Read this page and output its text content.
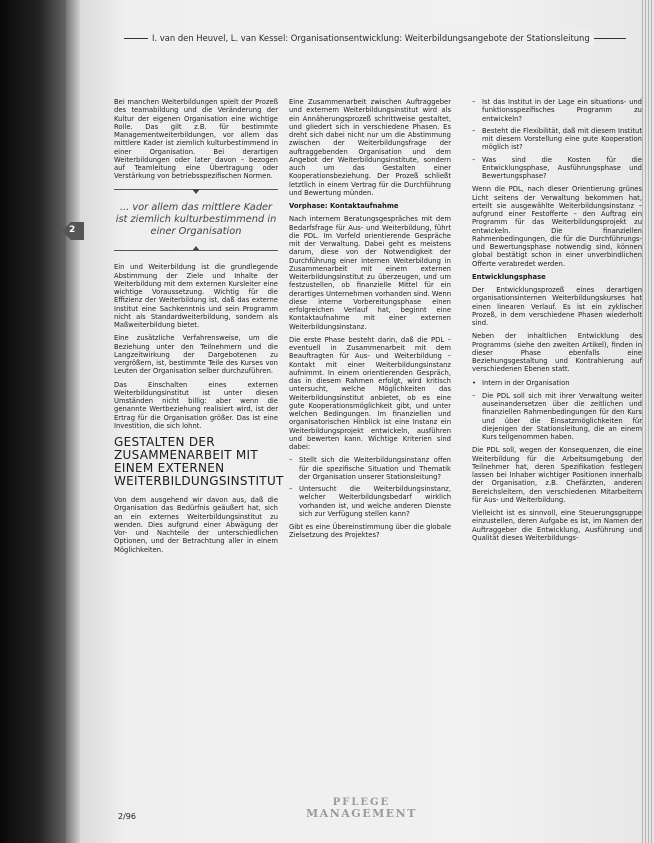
I. van den Heuvel, L. van Kessel: Organisationsentwicklung: Weiterbildungsangebote der Stationsleitung
2

Bei manchen Weiterbildungen spielt der Prozeß des teamabildung und die Veränderung der Kultur der eigenen Organisation eine wichtige Rolle. Das gilt z.B. für bestimmte Managementweiterbildungen, vor allem das mittlere Kader ist ziemlich kulturbestimmend in einer Organisation. Bei derartigen Weiterbildungen oder later davon – bezogen auf Teamleitung eine Übertragung oder Verstärkung von betriebsspezifischen Normen.

... vor allem das mittlere Kader ist ziemlich kulturbestimmend in einer Organisation

Ein und Weiterbildung ist die grundlegende Abstimmung der Ziele und Inhalte der Weiterbildung mit dem externen Kursleiter eine wichtige Voraussetzung. Wichtig für die Effizienz der Weiterbildung ist, daß das externe Institut eine Sachkenntnis und sein Programm nicht als Standardweiterbildung, sondern als Maßweiterbildung bietet.

Eine zusätzliche Verfahrensweise, um die Beziehung unter den Teilnehmern und die Langzeitwirkung der Dargebotenen zu vergrößern, ist, bestimmte Teile des Kurses von Leuten der Organisation selber durchzuführen.

Das Einschalten eines externen Weiterbildungsinstitut ist unter diesen Umständen nicht billig: aber wenn die genannte Wertbeziehung realisiert wird, ist der Ertrag für die Organisation größer. Das ist eine Investition, die sich lohnt.

GESTALTEN DER ZUSAMMENARBEIT MIT EINEM EXTERNEN WEITERBILDUNGSINSTITUT

Von dem ausgehend wir davon aus, daß die Organisation das Bedürfnis geäußert hat, sich an ein externes Weiterbildungsinstitut zu wenden. Dies aufgrund einer Abwägung der Vor- und Nachteile der unterschiedlichen Optionen, und der Betrachtung aller in einem Möglichkeiten.

Eine Zusammenarbeit zwischen Auftraggeber und externem Weiterbildungsinstitut wird als ein Annäherungsprozeß schrittweise gestaltet, und gliedert sich in verschiedene Phasen. Es dreht sich dabei nicht nur um die Abstimmung zwischen der Weiterbildungsfrage der auftraggebenden Organisation und dem Angebot der Weiterbildungsinstitute, sondern auch um das Gestalten einer Kooperationsbeziehung. Der Prozeß schließt letztlich in einem Vertrag für die Durchführung und Bewertung münden.

Vorphase: Kontaktaufnahme

Nach internem Beratungsgespräches mit dem Bedarfsfrage für Aus- und Weiterbildung, führt die PDL. Im Vorfeld orientierende Gespräche mit der Verwaltung. Dabei geht es meistens darum, diese von der Notwendigkeit der Durchführung einer internen Weiterbildung in Zusammenarbeit mit einem externen Weiterbildungsinstitut zu überzeugen, und um festzustellen, ob finanzielle Mittel für ein derartiges Unternehmen vorhanden sind. Wenn diese interne Vorbereitungsphase einen erfolgreichen Verlauf hat, beginnt eine Kontaktaufnahme mit einer externen Weiterbildungsinstanz.

Die erste Phase besteht darin, daß die PDL – eventuell in Zusammenarbeit mit dem Beauftragten für Aus- und Weiterbildung – Kontakt mit einer Weiterbildungsinstanz aufnimmt. In einem orientierenden Gespräch, das in diesem Rahmen erfolgt, wird kritisch untersucht, welche Möglichkeiten das Weiterbildungsinstitut anbietet, ob es eine gute Kooperationsmöglichkeit gibt, und unter welchen Bedingungen. Im finanziellen und organisatorischen Hinblick ist eine Instanz ein Weiterbildungsprojekt entwickeln, ausführen und bewerten kann. Wichtige Kriterien sind dabei:

– Stellt sich die Weiterbildungsinstanz offen für die spezifische Situation und Thematik der Organisation unserer Stationsleitung?
– Untersucht die Weiterbildungsinstanz, welcher Weiterbildungsbedarf wirklich vorhanden ist, und welche anderen Dienste sich zur Verfügung stellen kann?

Gibt es eine Übereinstimmung über die globale Zielsetzung des Projektes?

– Ist das Institut in der Lage ein situations- und funktionsspezifisches Programm zu entwickeln?
– Besteht die Flexibilität, daß mit diesem Institut mit diesem Vorstellung eine gute Kooperation möglich ist?
– Was sind die Kosten für die Entwicklungsphase, Ausführungsphase und Bewertungsphase?

Wenn die PDL, nach dieser Orientierung grünes Licht seitens der Verwaltung bekommen hat, erteilt sie ausgewählte Weiterbildungsinstanz – aufgrund einer Festofferte – den Auftrag ein Programm für das Weiterbildungsprojekt zu entwickeln. Die finanziellen Rahmenbedingungen, die für die Durchführungs- und Bewertungsphase notwendig sind, können global bestätigt schon in einer unverbindlichen Offerte verabredet werden.

Entwicklungsphase

Der Entwicklungsprozeß eines derartigen organisationsinternen Weiterbildungskurses hat einen linearen Verlauf. Es ist ein zyklischer Prozeß, in dem verschiedene Phasen wiederholt sind.

Neben der inhaltlichen Entwicklung des Programms (siehe den zweiten Artikel), finden in dieser Phase ebenfalls eine Beziehungsgestaltung und Kontrahierung auf verschiedenen Ebenen statt.

• Intern in der Organisation
– Die PDL soll sich mit ihrer Verwaltung weiter auseinandersetzen über die zeitlichen und finanziellen Rahmenbedingungen für den Kurs und über die Einsatzmöglichkeiten für diejenigen der Stationsleitung, die an einem Kurs teilgenommen haben.

Die PDL soll, wegen der Konsequenzen, die eine Weiterbildung für die Arbeitsumgebung der Teilnehmer hat, deren Spezifikation festlegen lassen bei Inhaber wichtiger Positionen innerhalb der Organisation, z.B. Chefärzten, anderen Bereichsleitern, den verschiedenen Mitarbeitern für Aus- und Weiterbildung.

Vielleicht ist es sinnvoll, eine Steuerungsgruppe einzustellen, deren Aufgabe es ist, im Namen der Auftraggeber die Entwicklung, Ausführung und Qualität dieses Weiterbildungs-

2/96
PFLEGE
MANAGEMENT
